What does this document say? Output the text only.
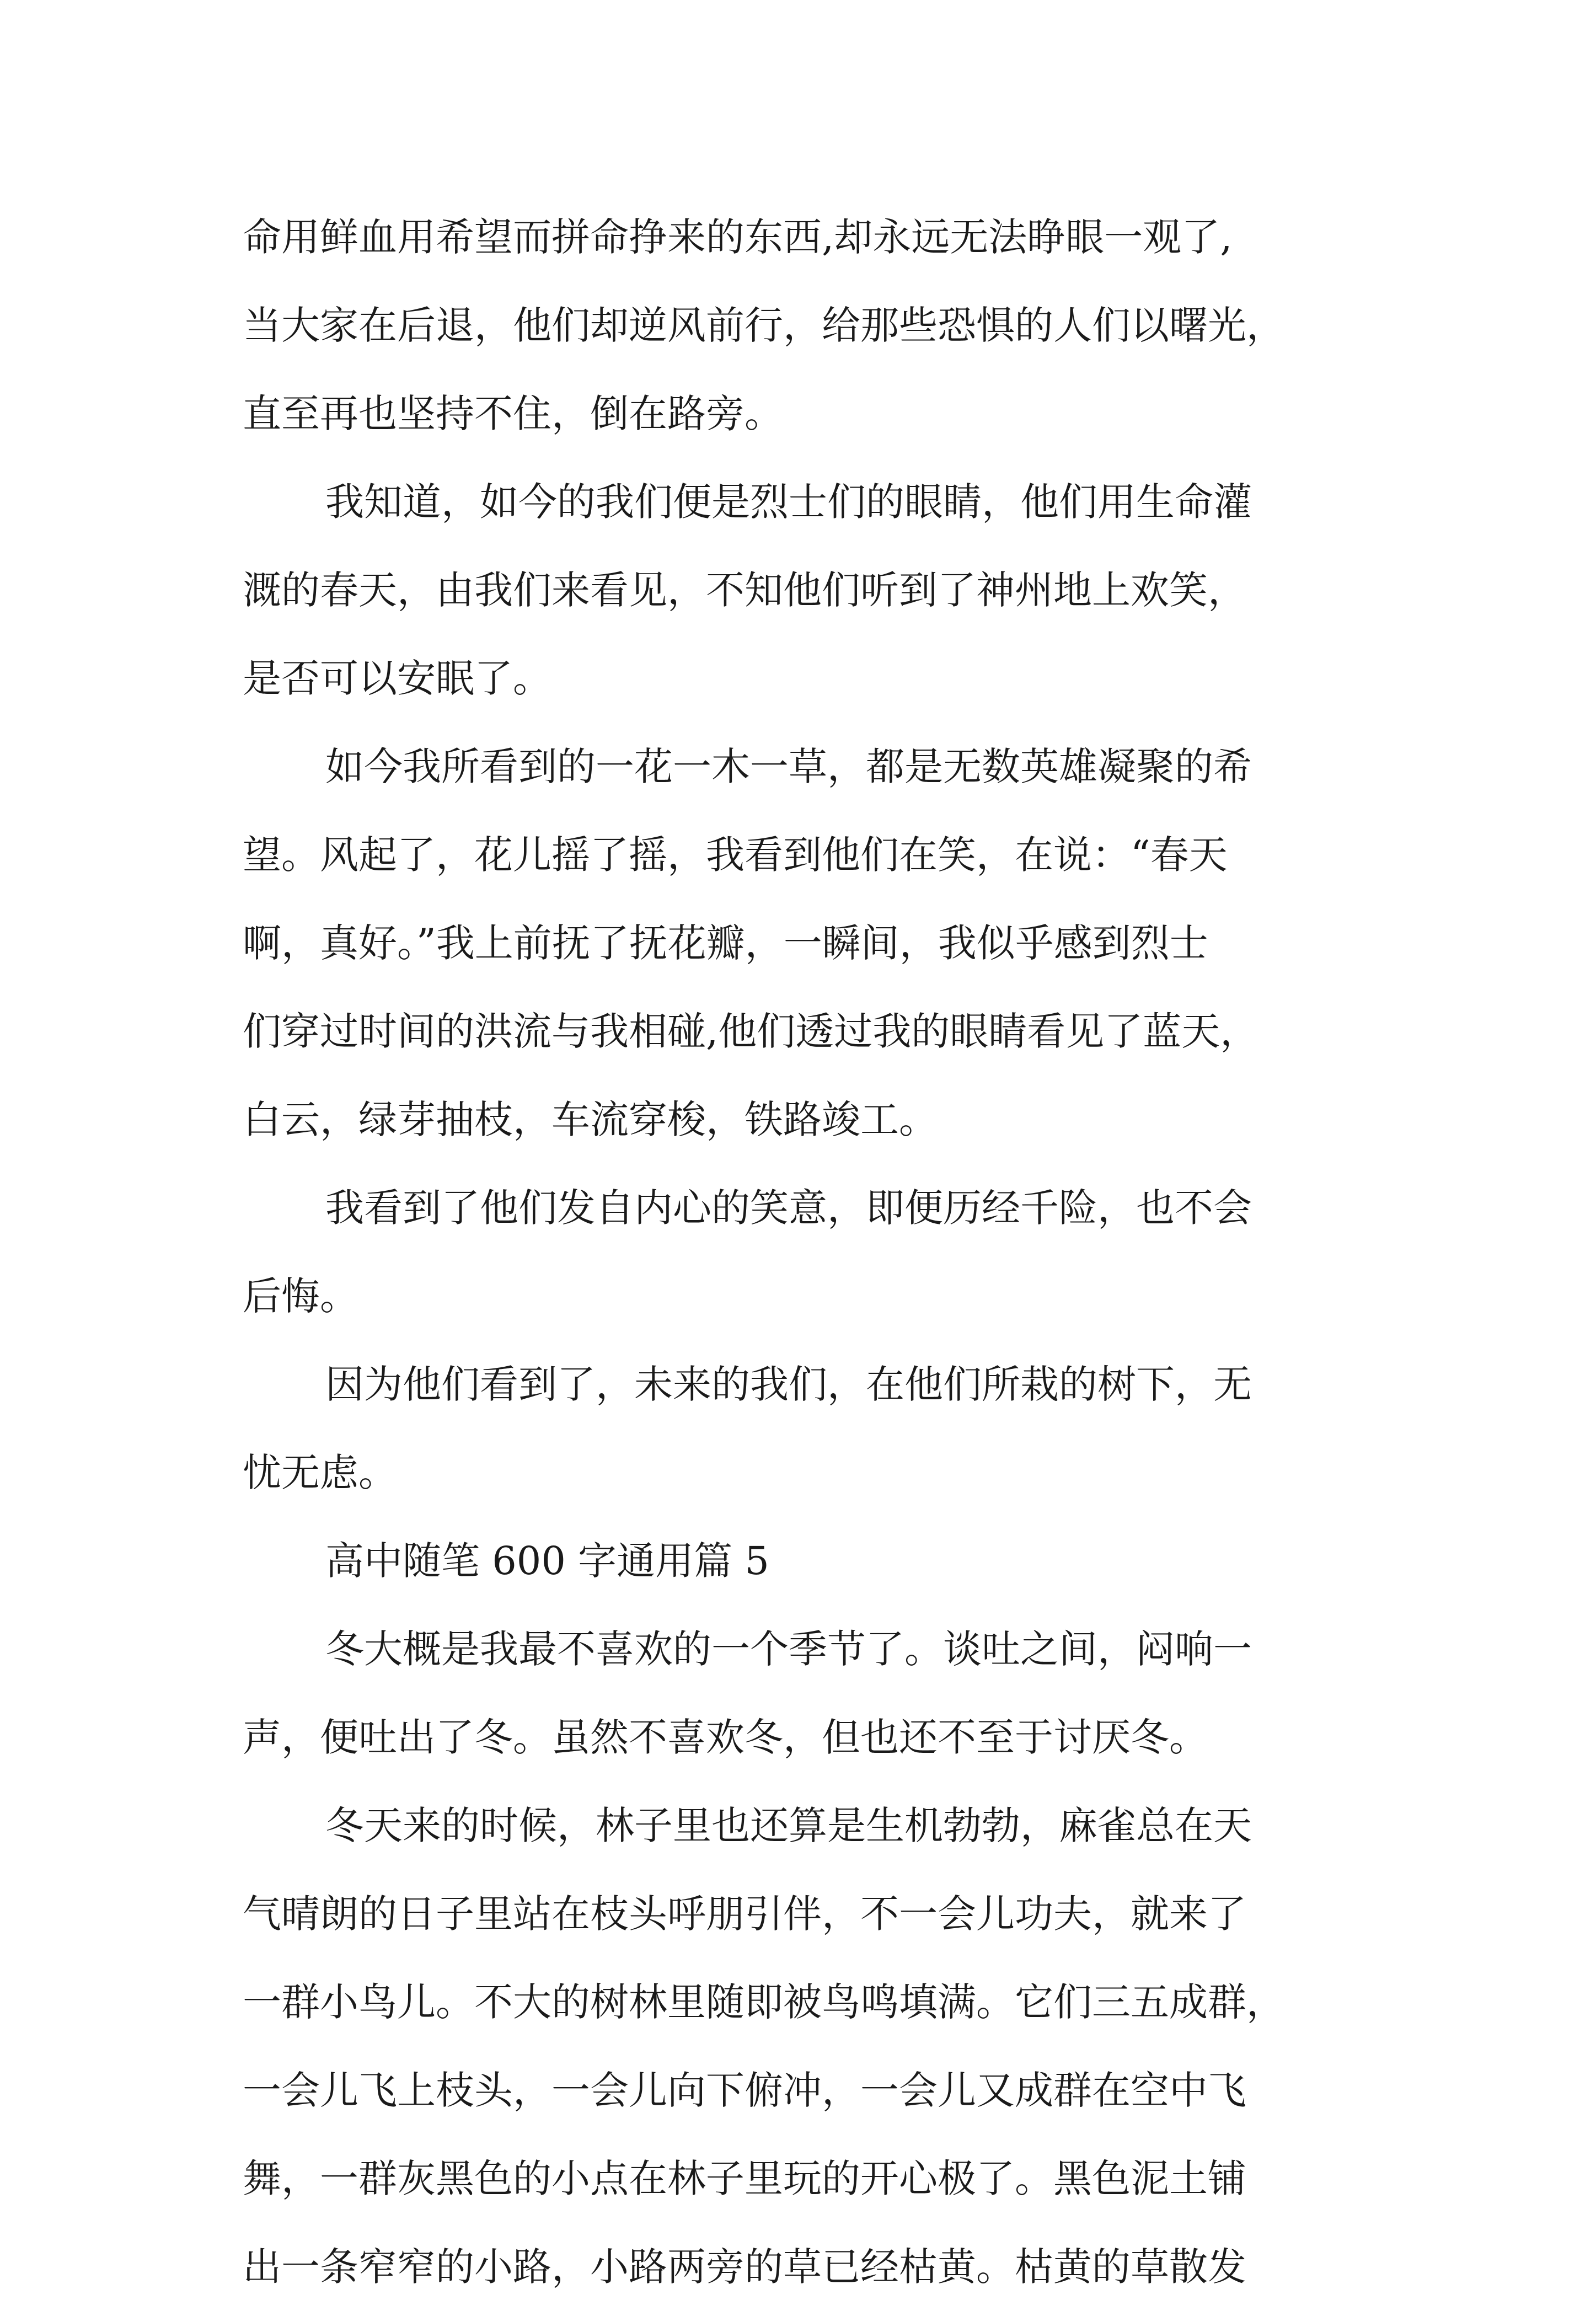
命用鲜血用希望而拼命挣来的东西,却永远无法睁眼一观了,
当大家在后退，他们却逆风前行，给那些恐惧的人们以曙光，
直至再也坚持不住，倒在路旁。
我知道，如今的我们便是烈士们的眼睛，他们用生命灌
溉的春天，由我们来看见，不知他们听到了神州地上欢笑，
是否可以安眠了。
如今我所看到的一花一木一草，都是无数英雄凝聚的希
望。风起了，花儿摇了摇，我看到他们在笑，在说：“春天
啊，真好。”我上前抚了抚花瓣，一瞬间，我似乎感到烈士
们穿过时间的洪流与我相碰,他们透过我的眼睛看见了蓝天，
白云，绿芽抽枝，车流穿梭，铁路竣工。
我看到了他们发自内心的笑意，即便历经千险，也不会
后悔。
因为他们看到了，未来的我们，在他们所栽的树下，无
忧无虑。
高中随笔 600 字通用篇 5
冬大概是我最不喜欢的一个季节了。谈吐之间，闷响一
声，便吐出了冬。虽然不喜欢冬，但也还不至于讨厌冬。
冬天来的时候，林子里也还算是生机勃勃，麻雀总在天
气晴朗的日子里站在枝头呼朋引伴，不一会儿功夫，就来了
一群小鸟儿。不大的树林里随即被鸟鸣填满。它们三五成群，
一会儿飞上枝头，一会儿向下俯冲，一会儿又成群在空中飞
舞，一群灰黑色的小点在林子里玩的开心极了。黑色泥土铺
出一条窄窄的小路，小路两旁的草已经枯黄。枯黄的草散发
